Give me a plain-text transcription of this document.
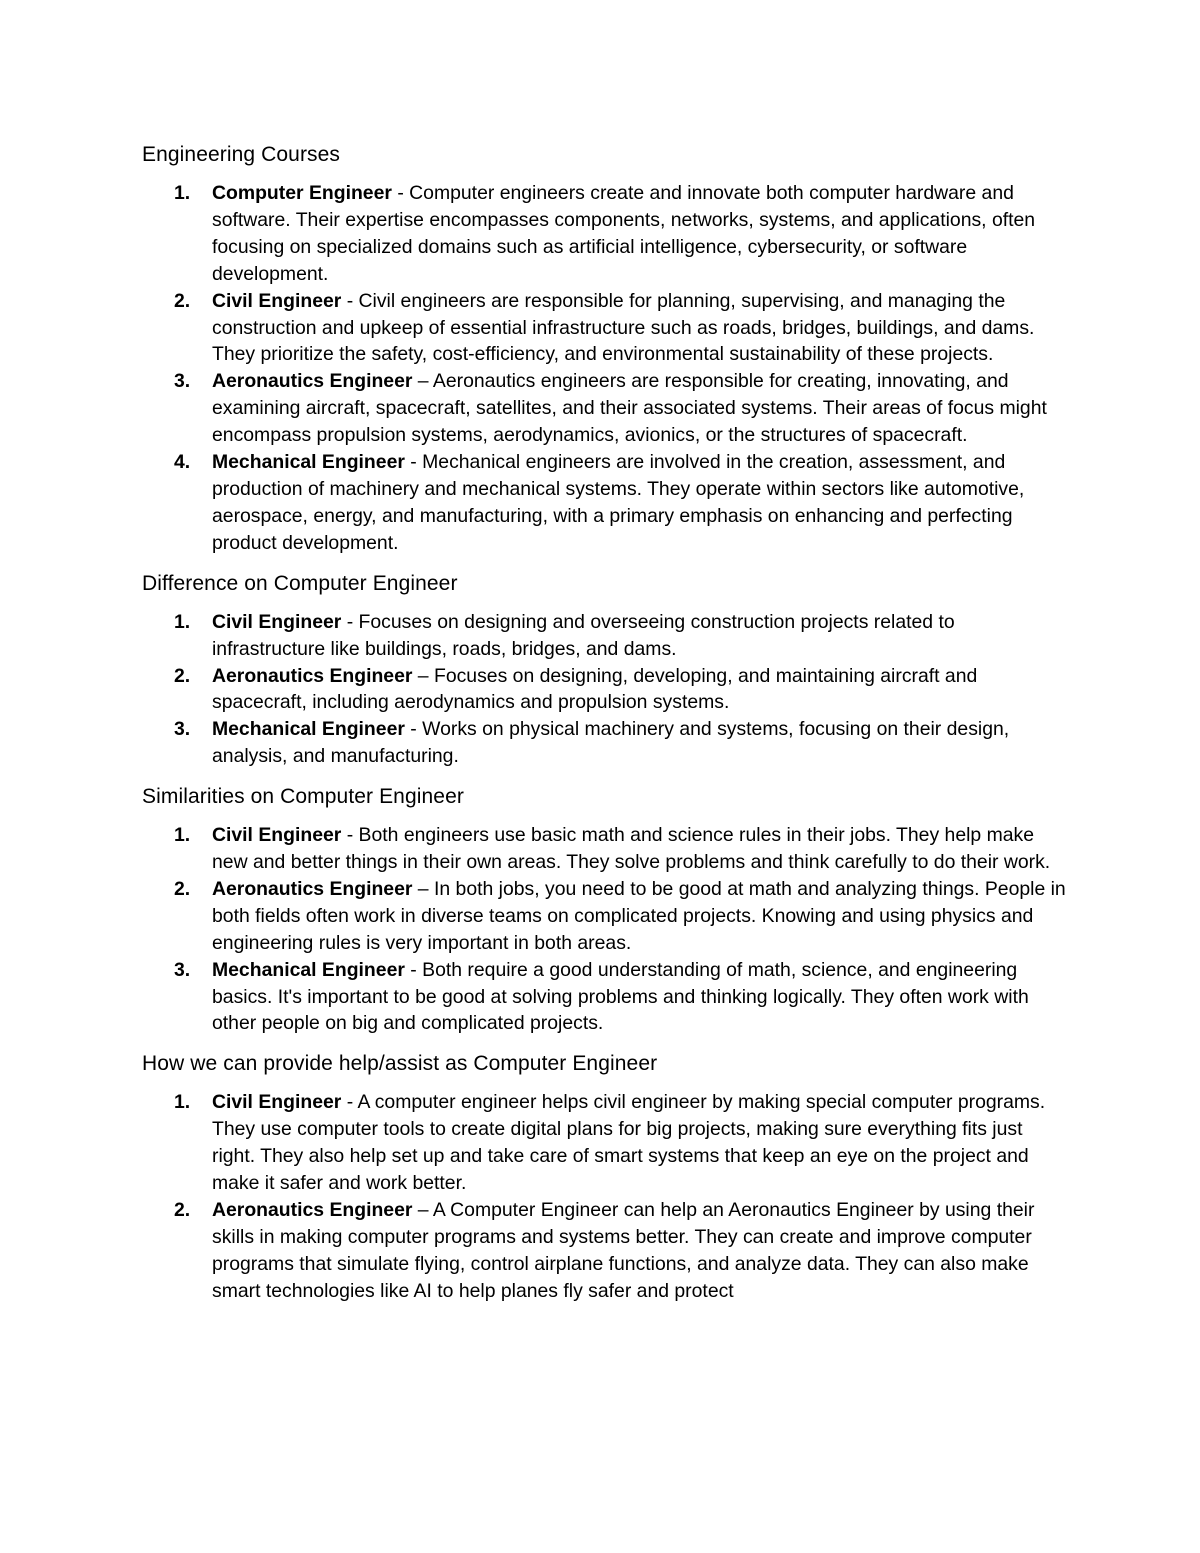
Engineering Courses
1. Computer Engineer - Computer engineers create and innovate both computer hardware and software. Their expertise encompasses components, networks, systems, and applications, often focusing on specialized domains such as artificial intelligence, cybersecurity, or software development.
2. Civil Engineer - Civil engineers are responsible for planning, supervising, and managing the construction and upkeep of essential infrastructure such as roads, bridges, buildings, and dams. They prioritize the safety, cost-efficiency, and environmental sustainability of these projects.
3. Aeronautics Engineer – Aeronautics engineers are responsible for creating, innovating, and examining aircraft, spacecraft, satellites, and their associated systems. Their areas of focus might encompass propulsion systems, aerodynamics, avionics, or the structures of spacecraft.
4. Mechanical Engineer - Mechanical engineers are involved in the creation, assessment, and production of machinery and mechanical systems. They operate within sectors like automotive, aerospace, energy, and manufacturing, with a primary emphasis on enhancing and perfecting product development.
Difference on Computer Engineer
1. Civil Engineer - Focuses on designing and overseeing construction projects related to infrastructure like buildings, roads, bridges, and dams.
2. Aeronautics Engineer – Focuses on designing, developing, and maintaining aircraft and spacecraft, including aerodynamics and propulsion systems.
3. Mechanical Engineer - Works on physical machinery and systems, focusing on their design, analysis, and manufacturing.
Similarities on Computer Engineer
1. Civil Engineer - Both engineers use basic math and science rules in their jobs. They help make new and better things in their own areas. They solve problems and think carefully to do their work.
2. Aeronautics Engineer – In both jobs, you need to be good at math and analyzing things. People in both fields often work in diverse teams on complicated projects. Knowing and using physics and engineering rules is very important in both areas.
3. Mechanical Engineer - Both require a good understanding of math, science, and engineering basics. It's important to be good at solving problems and thinking logically. They often work with other people on big and complicated projects.
How we can provide help/assist as Computer Engineer
1. Civil Engineer - A computer engineer helps civil engineer by making special computer programs. They use computer tools to create digital plans for big projects, making sure everything fits just right. They also help set up and take care of smart systems that keep an eye on the project and make it safer and work better.
2. Aeronautics Engineer – A Computer Engineer can help an Aeronautics Engineer by using their skills in making computer programs and systems better. They can create and improve computer programs that simulate flying, control airplane functions, and analyze data. They can also make smart technologies like AI to help planes fly safer and protect
